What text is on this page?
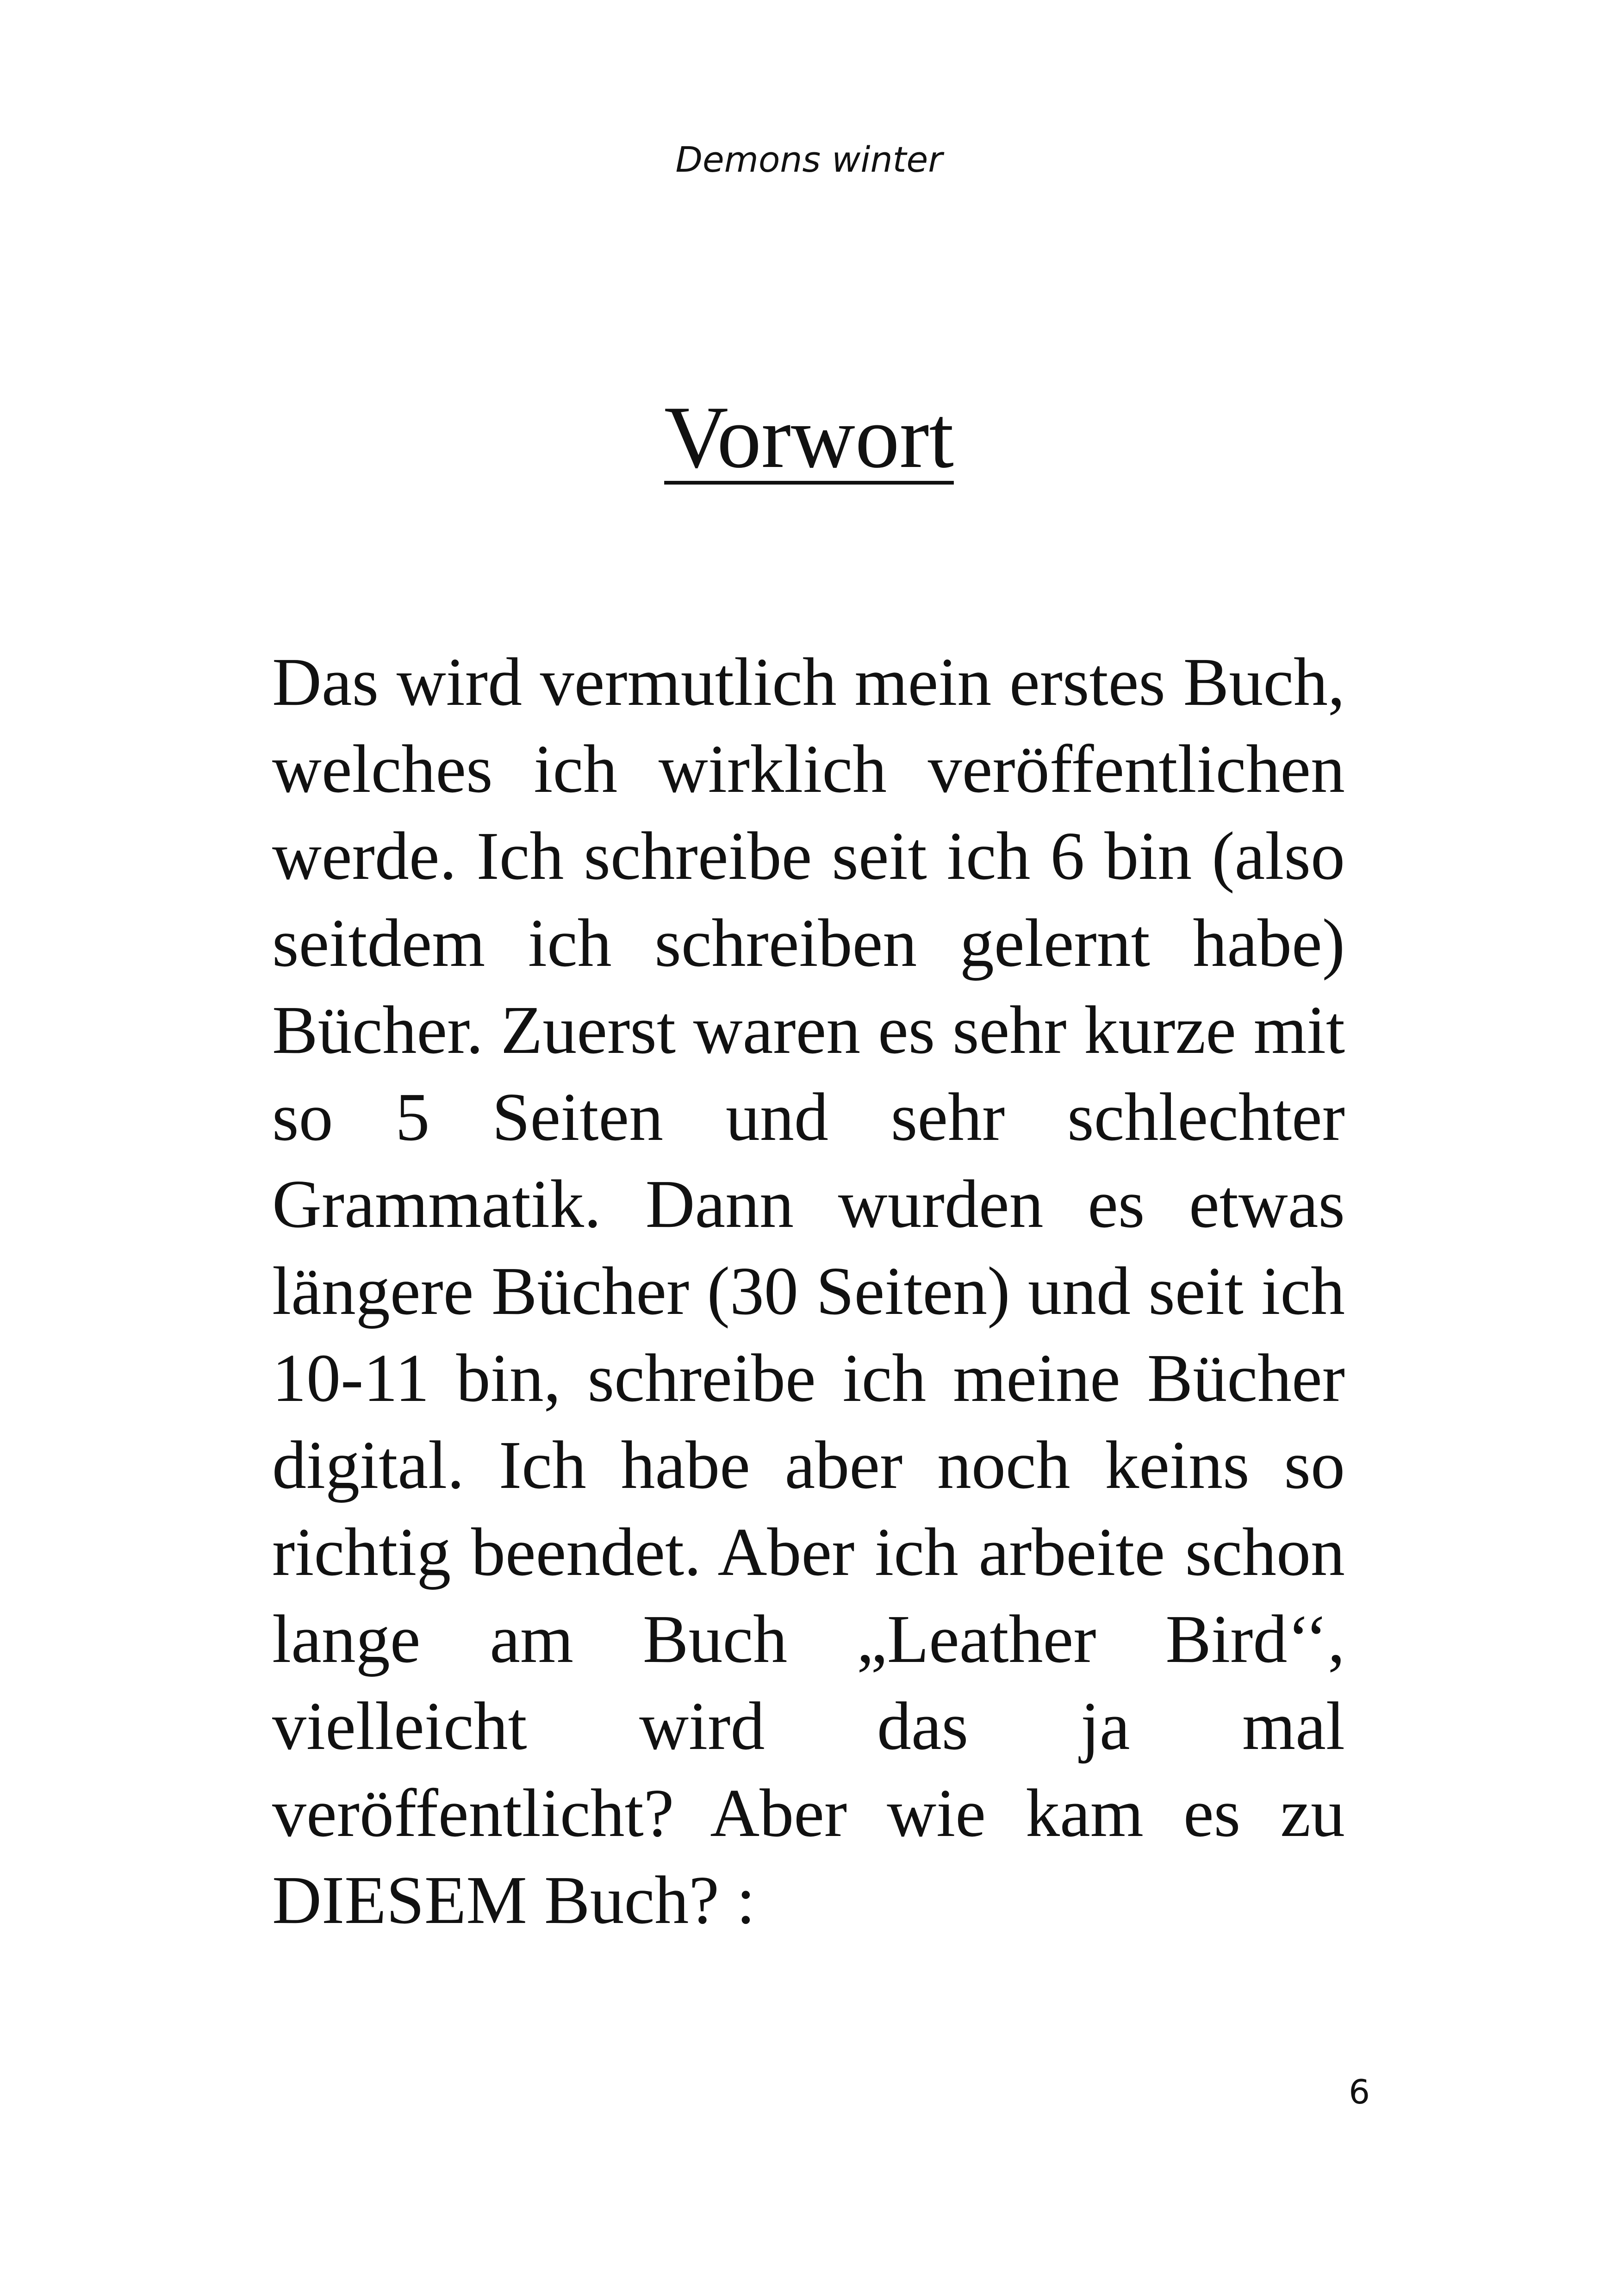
Demons winter
Vorwort

Das wird vermutlich mein erstes Buch, welches ich wirklich veröffentlichen werde. Ich schreibe seit ich 6 bin (also seitdem ich schreiben gelernt habe) Bücher. Zuerst waren es sehr kurze mit so 5 Seiten und sehr schlechter Grammatik. Dann wurden es etwas längere Bücher (30 Seiten) und seit ich 10-11 bin, schreibe ich meine Bücher digital. Ich habe aber noch keins so richtig beendet. Aber ich arbeite schon lange am Buch „Leather Bird‘‘, vielleicht wird das ja mal veröffentlicht? Aber wie kam es zu DIESEM Buch? :

6
